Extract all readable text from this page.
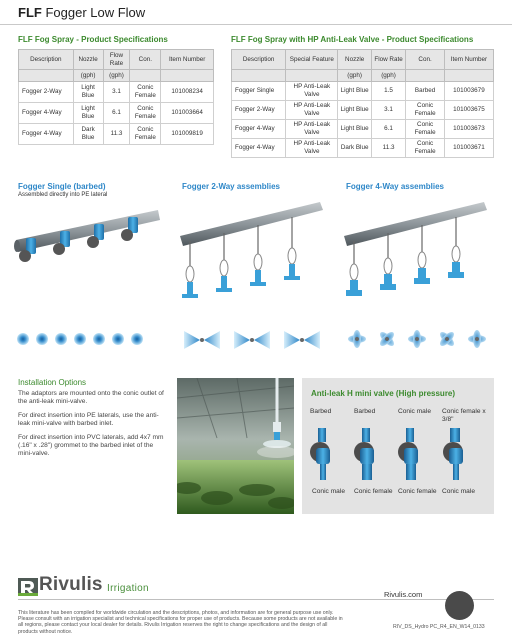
FLF Fogger Low Flow
FLF Fog Spray - Product Specifications
Description	Nozzle	Flow Rate	Con.	Item Number
	(gph)	(gph)		
Fogger 2-Way	Light Blue	3.1	Conic Female	101008234
Fogger 4-Way	Light Blue	6.1	Conic Female	101003664
Fogger 4-Way	Dark Blue	11.3	Conic Female	101009819
FLF Fog Spray with HP Anti-Leak Valve - Product Specifications
Description	Special Feature	Nozzle	Flow Rate	Con.	Item Number
		(gph)	(gph)		
Fogger Single	HP Anti-Leak Valve	Light Blue	1.5	Barbed	101003679
Fogger 2-Way	HP Anti-Leak Valve	Light Blue	3.1	Conic Female	101003675
Fogger 4-Way	HP Anti-Leak Valve	Light Blue	6.1	Conic Female	101003673
Fogger 4-Way	HP Anti-Leak Valve	Dark Blue	11.3	Conic Female	101003671
Fogger Single (barbed)
Assembled directly into PE lateral
Fogger 2-Way assemblies	Fogger 4-Way assemblies
Installation Options
The adaptors are mounted onto the conic outlet of the anti-leak mini-valve.
For direct insertion into PE laterals, use the anti-leak mini-valve with barbed inlet.
For direct insertion into PVC laterals, add 4x7 mm (.16" x .28") grommet to the barbed inlet of the mini-valve.
Anti-leak H mini valve (High pressure)
Barbed	Barbed	Conic male Conic female x 3/8"
Conic male	Conic female Conic female Conic male
Rivulis Irrigation
Rivulis.com
This literature has been compiled for worldwide circulation and the descriptions, photos, and information are for general purpose use only. Please consult with an irrigation specialist and technical specifications for proper use of products. Because some products are not available in all regions, please contact your local dealer for details. Rivulis Irrigation reserves the right to change specifications and the design of all products without notice.
RIV_DS_Hydro PC_R4_EN_W14_0133
